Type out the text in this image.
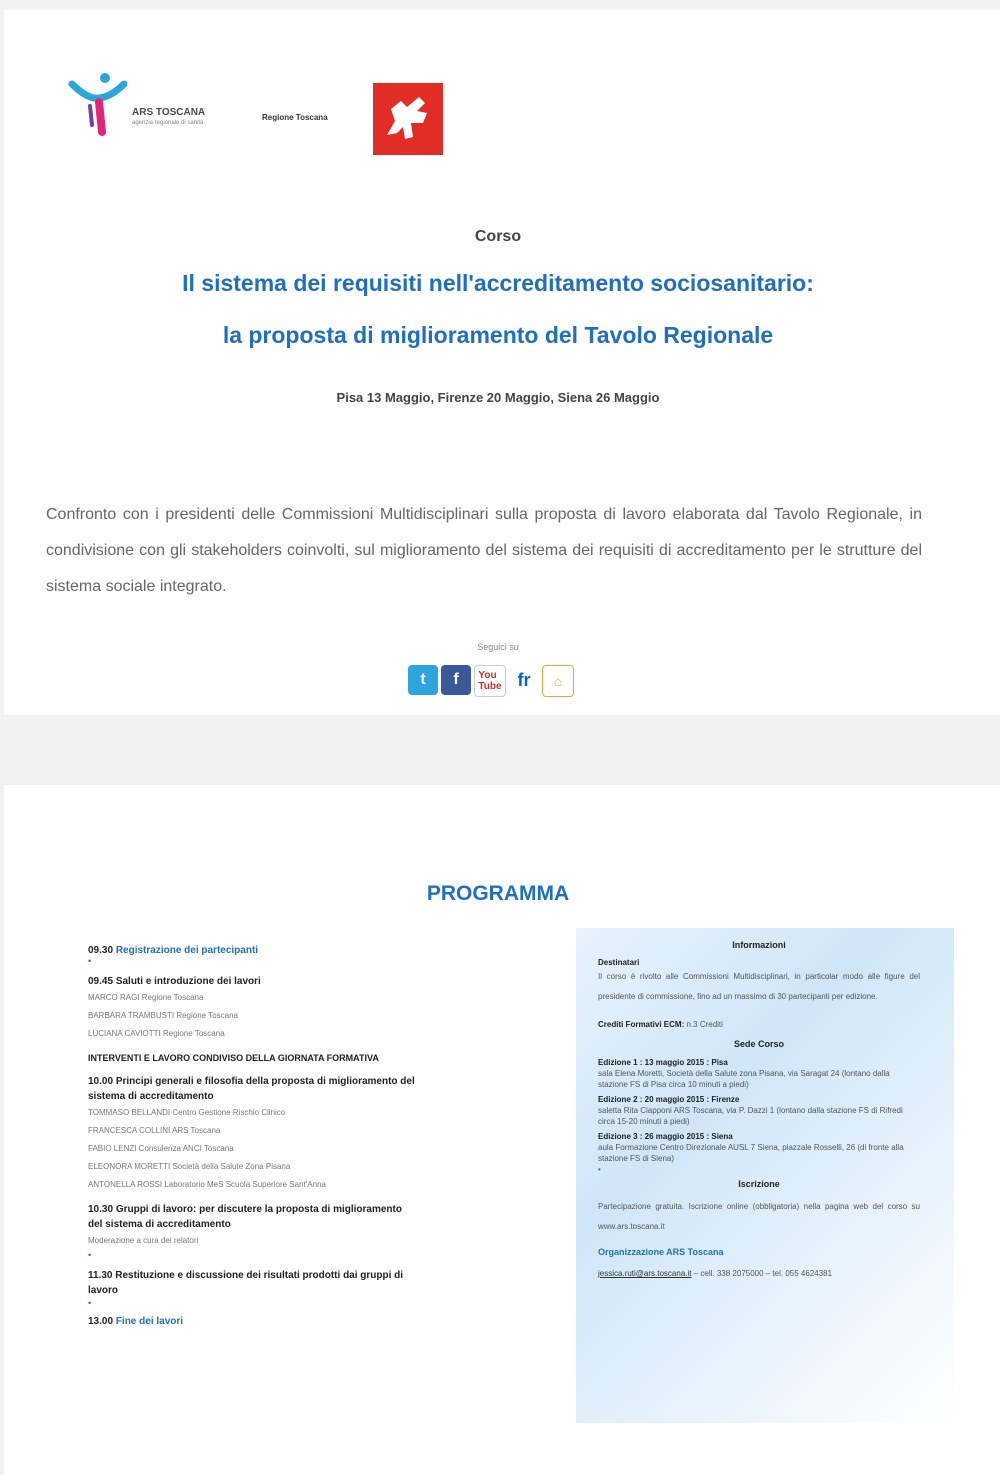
ARS TOSCANA
agenzia regionale di sanità
Regione Toscana
Corso
Il sistema dei requisiti nell'accreditamento sociosanitario:
la proposta di miglioramento del Tavolo Regionale
Pisa 13 Maggio, Firenze 20 Maggio, Siena 26 Maggio
Confronto con i presidenti delle Commissioni Multidisciplinari sulla proposta di lavoro elaborata dal Tavolo Regionale, in condivisione con gli stakeholders coinvolti, sul miglioramento del sistema dei requisiti di accreditamento per le strutture del sistema sociale integrato.
Seguici su
t	f	You
Tube fr	⌂
PROGRAMMA
09.30 Registrazione dei partecipanti
•
09.45 Saluti e introduzione dei lavori
MARCO RAGI Regione Toscana
BARBARA TRAMBUSTI Regione Toscana
LUCIANA CAVIOTTI Regione Toscana
INTERVENTI E LAVORO CONDIVISO DELLA GIORNATA FORMATIVA
10.00 Principi generali e filosofia della proposta di miglioramento del sistema di accreditamento
TOMMASO BELLANDI Centro Gestione Rischio Clinico
FRANCESCA COLLINI ARS Toscana
FABIO LENZI Consulenza ANCI Toscana
ELEONORA MORETTI Società della Salute Zona Pisana
ANTONELLA ROSSI Laboratorio MeS Scuola Superiore Sant'Anna
10.30 Gruppi di lavoro: per discutere la proposta di miglioramento del sistema di accreditamento
Moderazione a cura dei relatori
•
11.30 Restituzione e discussione dei risultati prodotti dai gruppi di lavoro
•
13.00 Fine dei lavori
Informazioni
Destinatari

Il corso è rivolto alle Commissioni Multidisciplinari, in particolar modo alle figure del presidente di commissione, fino ad un massimo di 30 partecipanti per edizione.

Crediti Formativi ECM: n.3 Crediti

Sede Corso
Edizione 1 : 13 maggio 2015 : Pisa
sala Elena Moretti, Società della Salute zona Pisana, via Saragat 24 (lontano dalla stazione FS di Pisa circa 10 minuti a piedi)
Edizione 2 : 20 maggio 2015 : Firenze
saletta Rita Ciapponi ARS Toscana, via P. Dazzi 1 (lontano dalla stazione FS di Rifredi circa 15-20 minuti a piedi)
Edizione 3 : 26 maggio 2015 : Siena
aula Formazione Centro Direzionale AUSL 7 Siena, piazzale Rosselli, 26 (di fronte alla stazione FS di Siena)
•
Iscrizione

Partecipazione gratuita. Iscrizione online (obbligatoria) nella pagina web del corso su www.ars.toscana.it

Organizzazione ARS Toscana
jessica.ruti@ars.toscana.it – cell. 338 2075000 – tel. 055 4624381
